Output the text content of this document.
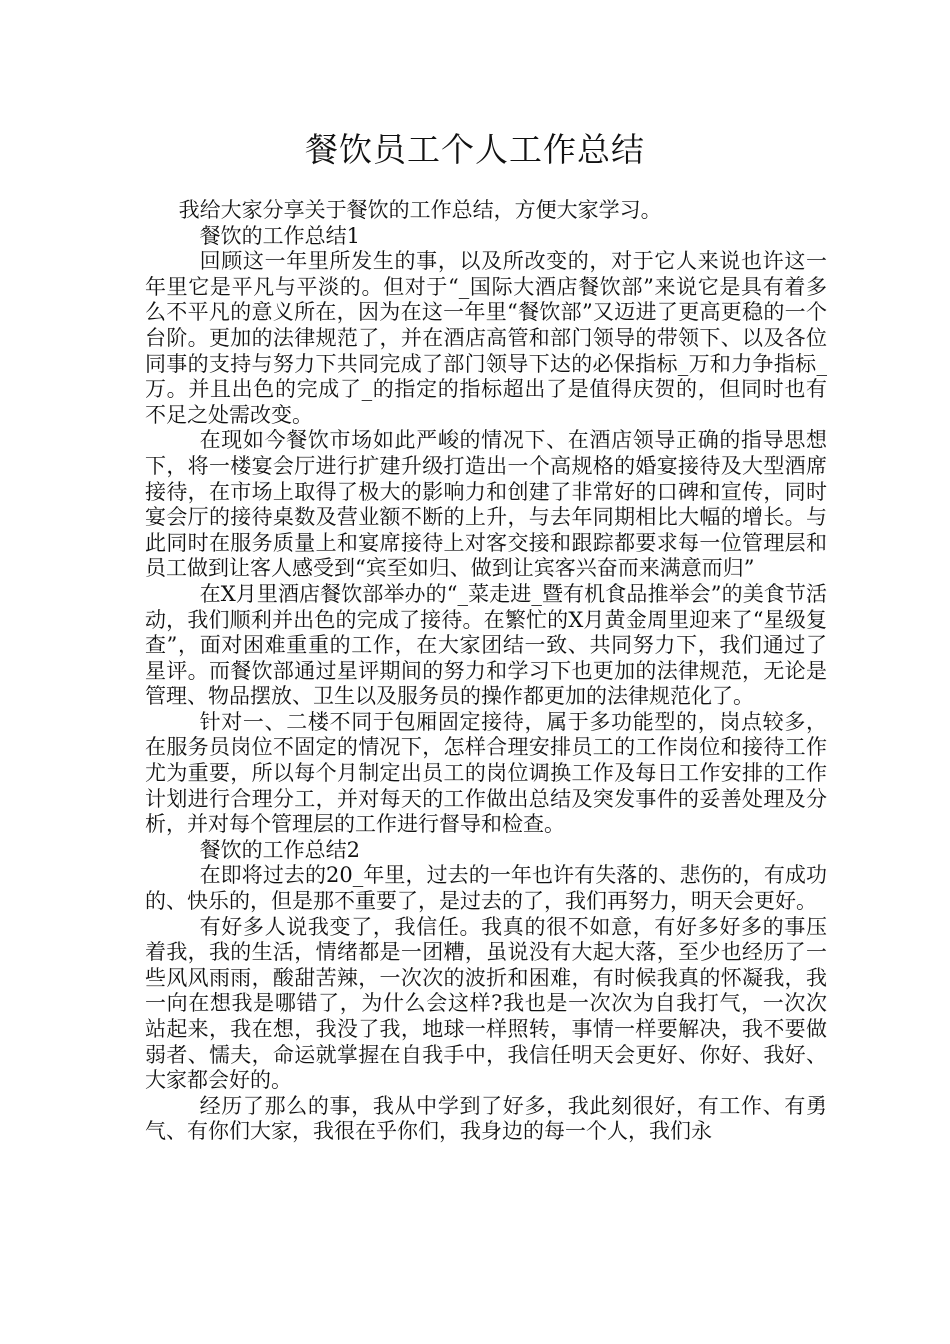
餐饮员工个人工作总结

我给大家分享关于餐饮的工作总结，方便大家学习。

餐饮的工作总结1

回顾这一年里所发生的事，以及所改变的，对于它人来说也许这一年里它是平凡与平淡的。但对于“_国际大酒店餐饮部”来说它是具有着多么不平凡的意义所在，因为在这一年里“餐饮部”又迈进了更高更稳的一个台阶。更加的法律规范了，并在酒店高管和部门领导的带领下、以及各位同事的支持与努力下共同完成了部门领导下达的必保指标_万和力争指标_万。并且出色的完成了_的指定的指标超出了是值得庆贺的，但同时也有不足之处需改变。

在现如今餐饮市场如此严峻的情况下、在酒店领导正确的指导思想下，将一楼宴会厅进行扩建升级打造出一个高规格的婚宴接待及大型酒席接待，在市场上取得了极大的影响力和创建了非常好的口碑和宣传，同时宴会厅的接待桌数及营业额不断的上升，与去年同期相比大幅的增长。与此同时在服务质量上和宴席接待上对客交接和跟踪都要求每一位管理层和员工做到让客人感受到“宾至如归、做到让宾客兴奋而来满意而归”

在X月里酒店餐饮部举办的“_菜走进_暨有机食品推举会”的美食节活动，我们顺利并出色的完成了接待。在繁忙的X月黄金周里迎来了“星级复查”，面对困难重重的工作，在大家团结一致、共同努力下，我们通过了星评。而餐饮部通过星评期间的努力和学习下也更加的法律规范，无论是管理、物品摆放、卫生以及服务员的操作都更加的法律规范化了。

针对一、二楼不同于包厢固定接待，属于多功能型的，岗点较多，在服务员岗位不固定的情况下，怎样合理安排员工的工作岗位和接待工作尤为重要，所以每个月制定出员工的岗位调换工作及每日工作安排的工作计划进行合理分工，并对每天的工作做出总结及突发事件的妥善处理及分析，并对每个管理层的工作进行督导和检查。

餐饮的工作总结2

在即将过去的20_年里，过去的一年也许有失落的、悲伤的，有成功的、快乐的，但是那不重要了，是过去的了，我们再努力，明天会更好。

有好多人说我变了，我信任。我真的很不如意，有好多好多的事压着我，我的生活，情绪都是一团糟，虽说没有大起大落，至少也经历了一些风风雨雨，酸甜苦辣，一次次的波折和困难，有时候我真的怀凝我，我一向在想我是哪错了，为什么会这样?我也是一次次为自我打气，一次次站起来，我在想，我没了我，地球一样照转，事情一样要解决，我不要做弱者、懦夫，命运就掌握在自我手中，我信任明天会更好、你好、我好、大家都会好的。

经历了那么的事，我从中学到了好多，我此刻很好，有工作、有勇气、有你们大家，我很在乎你们，我身边的每一个人，我们永
